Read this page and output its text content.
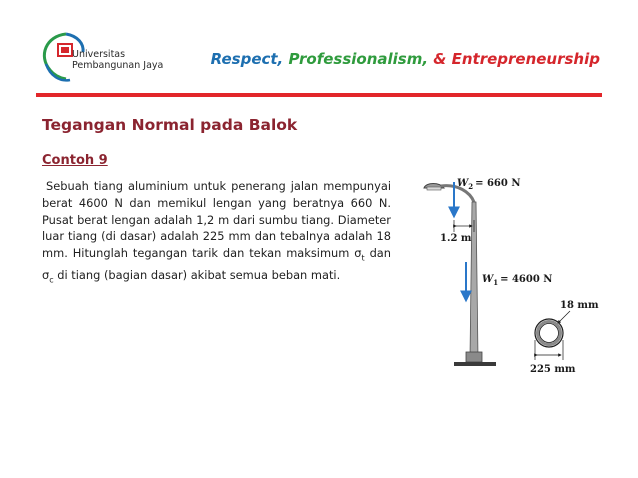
Universitas
Pembangunan Jaya	Respect, Professionalism, & Entrepreneurship
Tegangan Normal pada Balok
Contoh 9
Sebuah tiang aluminium untuk penerang jalan mempunyai berat 4600 N dan memikul lengan yang beratnya 660 N. Pusat berat lengan adalah 1,2 m dari sumbu tiang. Diameter luar tiang (di dasar) adalah 225 mm dan tebalnya adalah 18 mm. Hitunglah tegangan tarik dan tekan maksimum $\sigma_t$ dan $\sigma_c$ di tiang (bagian dasar) akibat semua beban mati.
$W_2 = 660$ N
1.2 m
$W_1 = 4600$ N
18 mm
225 mm
